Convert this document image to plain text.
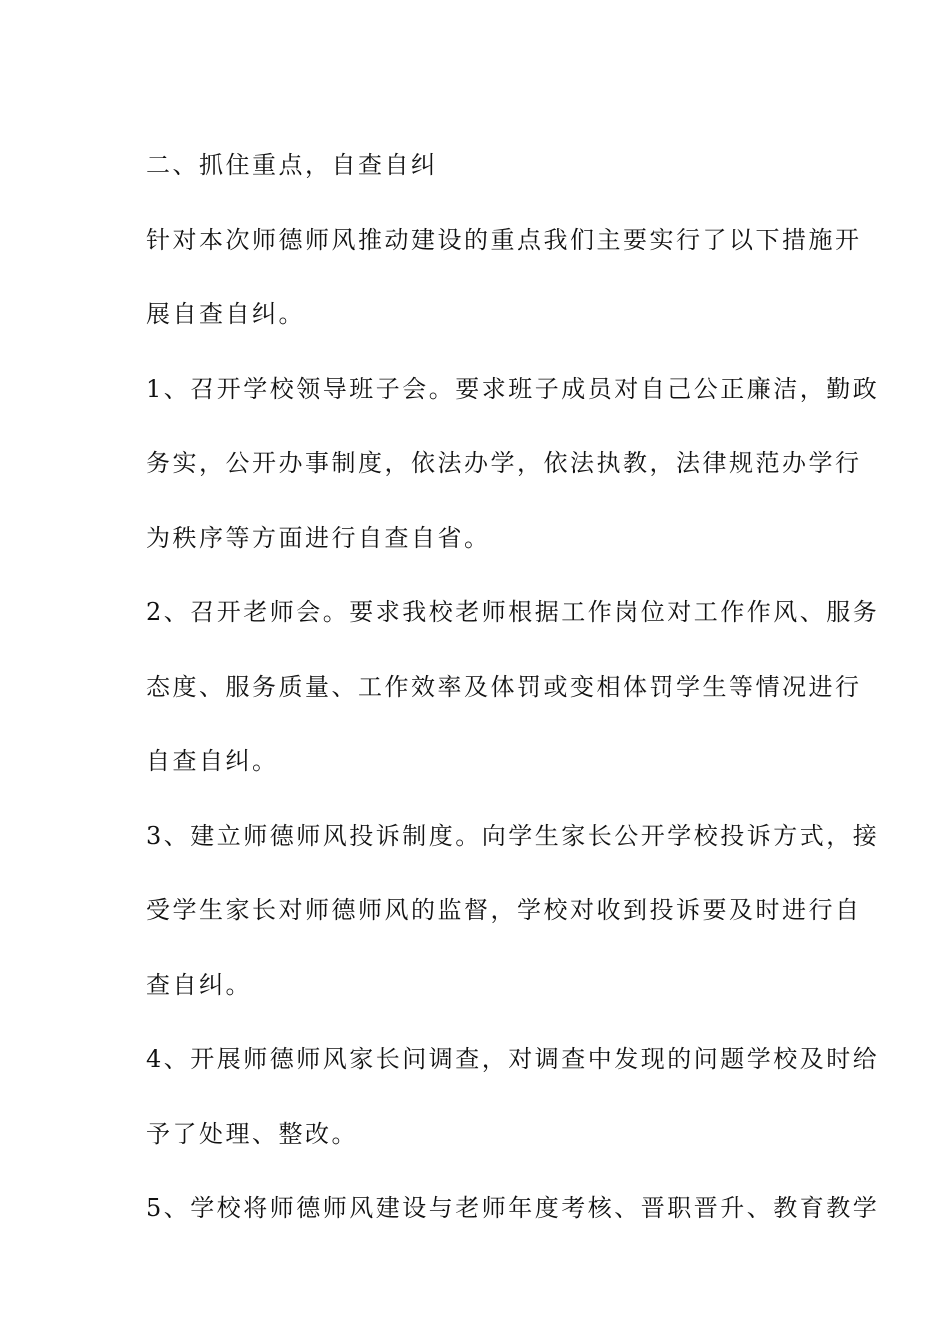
二、抓住重点，自查自纠

针对本次师德师风推动建设的重点我们主要实行了以下措施开

展自查自纠。

1、召开学校领导班子会。要求班子成员对自己公正廉洁，勤政

务实，公开办事制度，依法办学，依法执教，法律规范办学行

为秩序等方面进行自查自省。

2、召开老师会。要求我校老师根据工作岗位对工作作风、服务

态度、服务质量、工作效率及体罚或变相体罚学生等情况进行

自查自纠。

3、建立师德师风投诉制度。向学生家长公开学校投诉方式，接

受学生家长对师德师风的监督，学校对收到投诉要及时进行自

查自纠。

4、开展师德师风家长问调查，对调查中发现的问题学校及时给

予了处理、整改。

5、学校将师德师风建设与老师年度考核、晋职晋升、教育教学
